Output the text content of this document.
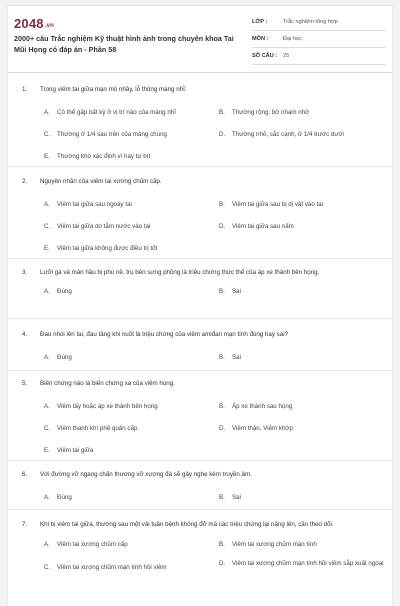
2048.vn
2000+ câu Trắc nghiệm Kỹ thuật hình ảnh trong chuyên khoa Tai Mũi Họng có đáp án - Phần 58
LỚP :	Trắc nghiệm tổng hợp
MÔN :	Đại học
SỐ CÂU :	25
1. Trong viêm tai giữa mạn mủ nhầy, lỗ thủng màng nhĩ:
A.	Có thể gặp bất kỳ ở vị trí nào của màng nhĩ	B.	Thường rộng, bờ nham nhở
C.	Thường ở 1/4 sau trên của màng chùng	D.	Thường nhỏ, sắc cạnh, ở 1/4 trước dưới
E.	Thường khó xác định vì hay tự bít
2. Nguyên nhân của viêm tai xương chũm cấp.
A.	Viêm tai giữa sau ngoáy tai	B.	Viêm tai giữa sau bị dị vật vào tai
C.	Viêm tai giữa do tắm nước vào tai	D.	Viêm tai giữa sau nấm
E.	Viêm tai giữa không được điều trị tốt
3. Lưỡi gà và màn hầu bị phù nề, trụ bên sưng phồng là triệu chứng thực thể của áp xe thành bên họng.
A.	Đúng	B.	Sai
4. Đau nhói lên tai, đau tăng khi nuốt là triệu chứng của viêm amiđan mạn tính đúng hay sai?
A.	Đúng	B.	Sai
5. Biến chứng nào là biến chứng xa của viêm họng.
A.	Viêm tấy hoặc áp xe thành bên họng	B.	Áp xe thành sau họng
C.	Viêm thanh khí phế quản cấp	D.	Viêm thận, Viêm khớp
E.	Viêm tai giữa
6. Với đường vỡ ngang chấn thương vỡ xương đá sẽ gây nghe kém truyền âm.
A.	Đúng	B.	Sai
7. Khi bị viêm tai giữa, thường sau một vài tuần bệnh không đỡ mà các triệu chứng lại nặng lên, cần theo dõi.
A.	Viêm tai xương chũm cấp	B.	Viêm tai xương chũm mạn tính
C.	Viêm tai xương chũm mạn tính hồi viêm
D.	Viêm tai xương chũm mạn tính hồi viêm sắp xuất ngoại
